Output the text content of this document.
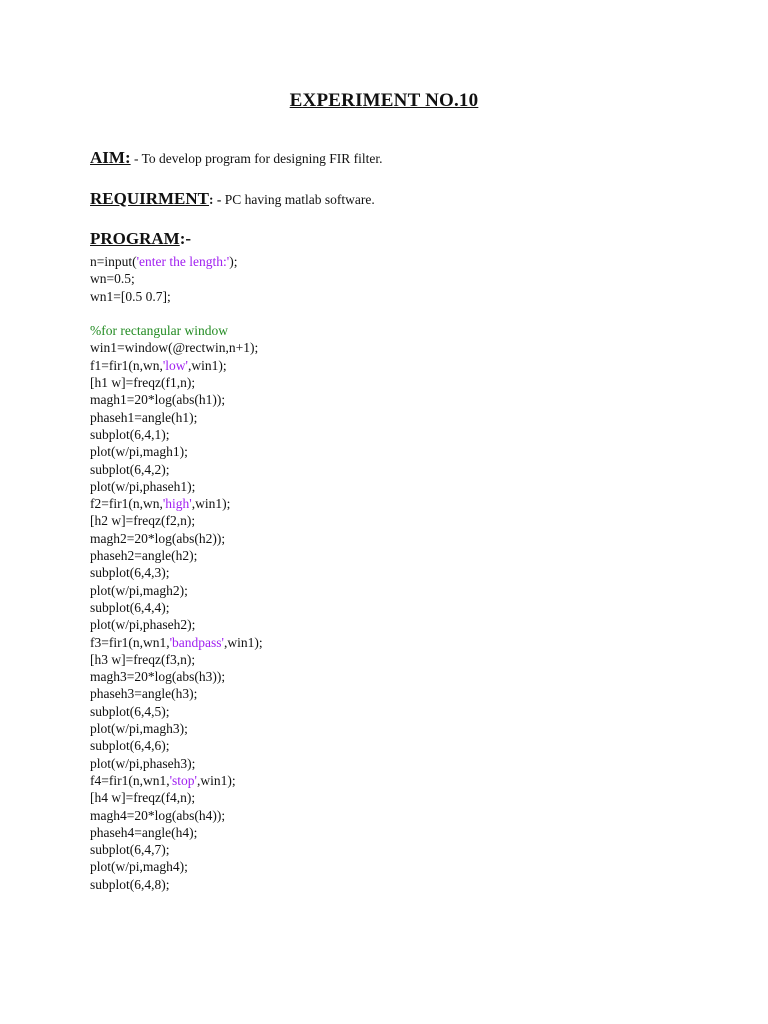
EXPERIMENT NO.10
AIM: - To develop program for designing FIR filter.
REQUIRMENT: - PC having matlab software.
PROGRAM:-
n=input('enter the length:');
wn=0.5;
wn1=[0.5 0.7];
%for rectangular window
win1=window(@rectwin,n+1);
f1=fir1(n,wn,'low',win1);
[h1 w]=freqz(f1,n);
magh1=20*log(abs(h1));
phaseh1=angle(h1);
subplot(6,4,1);
plot(w/pi,magh1);
subplot(6,4,2);
plot(w/pi,phaseh1);
f2=fir1(n,wn,'high',win1);
[h2 w]=freqz(f2,n);
magh2=20*log(abs(h2));
phaseh2=angle(h2);
subplot(6,4,3);
plot(w/pi,magh2);
subplot(6,4,4);
plot(w/pi,phaseh2);
f3=fir1(n,wn1,'bandpass',win1);
[h3 w]=freqz(f3,n);
magh3=20*log(abs(h3));
phaseh3=angle(h3);
subplot(6,4,5);
plot(w/pi,magh3);
subplot(6,4,6);
plot(w/pi,phaseh3);
f4=fir1(n,wn1,'stop',win1);
[h4 w]=freqz(f4,n);
magh4=20*log(abs(h4));
phaseh4=angle(h4);
subplot(6,4,7);
plot(w/pi,magh4);
subplot(6,4,8);
